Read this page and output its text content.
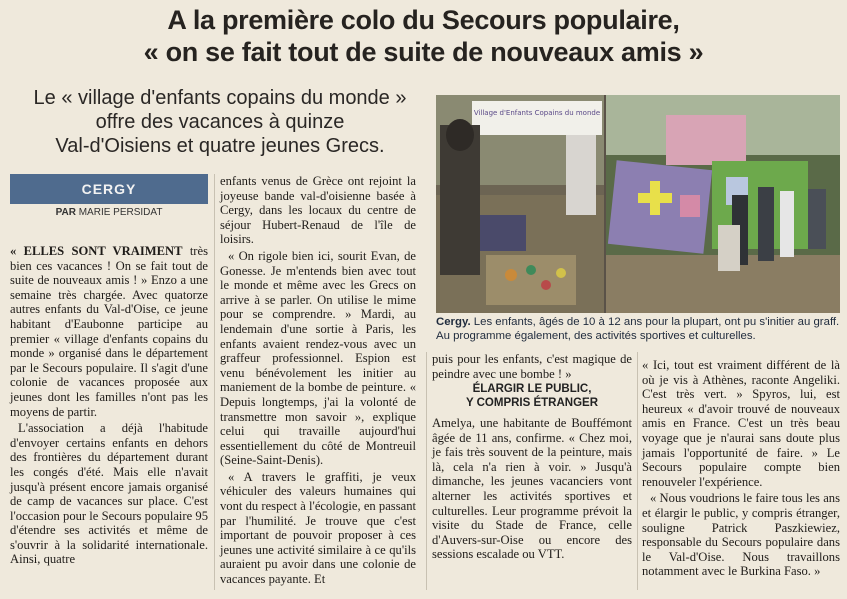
A la première colo du Secours populaire,
« on se fait tout de suite de nouveaux amis »
Le « village d'enfants copains du monde »
offre des vacances à quinze
Val-d'Oisiens et quatre jeunes Grecs.
CERGY
PAR MARIE PERSIDAT
Village d'Enfants Copains du monde
Cergy. Les enfants, âgés de 10 à 12 ans pour la plupart, ont pu s'initier au graff. Au programme également, des activités sportives et culturelles.

« ELLES SONT VRAIMENT très bien ces vacances ! On se fait tout de suite de nouveaux amis ! » Enzo a une semaine très chargée. Avec quatorze autres enfants du Val-d'Oise, ce jeune habitant d'Eaubonne participe au premier « village d'enfants copains du monde » organisé dans le département par le Secours populaire. Il s'agit d'une colonie de vacances proposée aux jeunes dont les familles n'ont pas les moyens de partir.

L'association a déjà l'habitude d'envoyer certains enfants en dehors des frontières du département durant les congés d'été. Mais elle n'avait jusqu'à présent encore jamais organisé de camp de vacances sur place. C'est l'occasion pour le Secours populaire 95 d'étendre ses activités et même de s'ouvrir à la solidarité internationale. Ainsi, quatre

enfants venus de Grèce ont rejoint la joyeuse bande val-d'oisienne basée à Cergy, dans les locaux du centre de séjour Hubert-Renaud de l'île de loisirs.

« On rigole bien ici, sourit Evan, de Gonesse. Je m'entends bien avec tout le monde et même avec les Grecs on arrive à se parler. On utilise le mime pour se comprendre. » Mardi, au lendemain d'une sortie à Paris, les enfants avaient rendez-vous avec un graffeur professionnel. Espion est venu bénévolement les initier au maniement de la bombe de peinture. « Depuis longtemps, j'ai la volonté de transmettre mon savoir », explique celui qui travaille aujourd'hui essentiellement du côté de Montreuil (Seine-Saint-Denis).

« A travers le graffiti, je veux véhiculer des valeurs humaines qui vont du respect à l'écologie, en passant par l'humilité. Je trouve que c'est important de pouvoir proposer à ces jeunes une activité similaire à ce qu'ils auraient pu avoir dans une colonie de vacances payante. Et

puis pour les enfants, c'est magique de peindre avec une bombe ! »

ÉLARGIR LE PUBLIC,
Y COMPRIS ÉTRANGER

Amelya, une habitante de Bouffémont âgée de 11 ans, confirme. « Chez moi, je fais très souvent de la peinture, mais là, cela n'a rien à voir. » Jusqu'à dimanche, les jeunes vacanciers vont alterner les activités sportives et culturelles. Leur programme prévoit la visite du Stade de France, celle d'Auvers-sur-Oise ou encore des sessions escalade ou VTT.

« Ici, tout est vraiment différent de là où je vis à Athènes, raconte Angeliki. C'est très vert. » Spyros, lui, est heureux « d'avoir trouvé de nouveaux amis en France. C'est un très beau voyage que je n'aurai sans doute plus jamais l'opportunité de faire. » Le Secours populaire compte bien renouveler l'expérience.

« Nous voudrions le faire tous les ans et élargir le public, y compris étranger, souligne Patrick Paszkiewiez, responsable du Secours populaire dans le Val-d'Oise. Nous travaillons notamment avec le Burkina Faso. »
